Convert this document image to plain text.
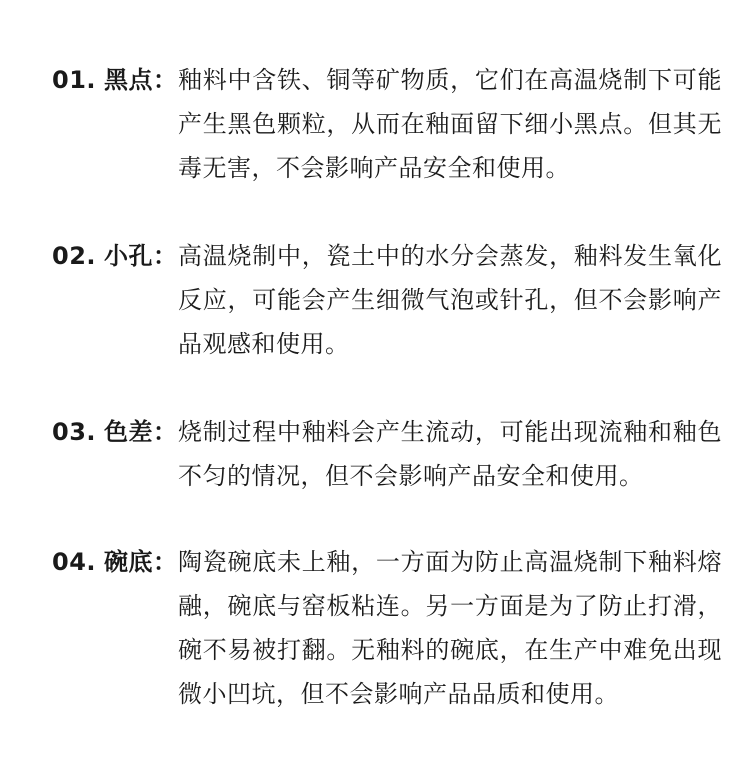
01. 黑点 ： 釉料中含铁、铜等矿物质，它们在高温烧制下可能产生黑色颗粒，从而在釉面留下细小黑点。但其无毒无害，不会影响产品安全和使用。
02. 小孔 ： 高温烧制中，瓷土中的水分会蒸发，釉料发生氧化反应，可能会产生细微气泡或针孔，但不会影响产品观感和使用。
03. 色差 ： 烧制过程中釉料会产生流动，可能出现流釉和釉色不匀的情况，但不会影响产品安全和使用。
04. 碗底 ： 陶瓷碗底未上釉，一方面为防止高温烧制下釉料熔融，碗底与窑板粘连。另一方面是为了防止打滑，碗不易被打翻。无釉料的碗底，在生产中难免出现微小凹坑，但不会影响产品品质和使用。
